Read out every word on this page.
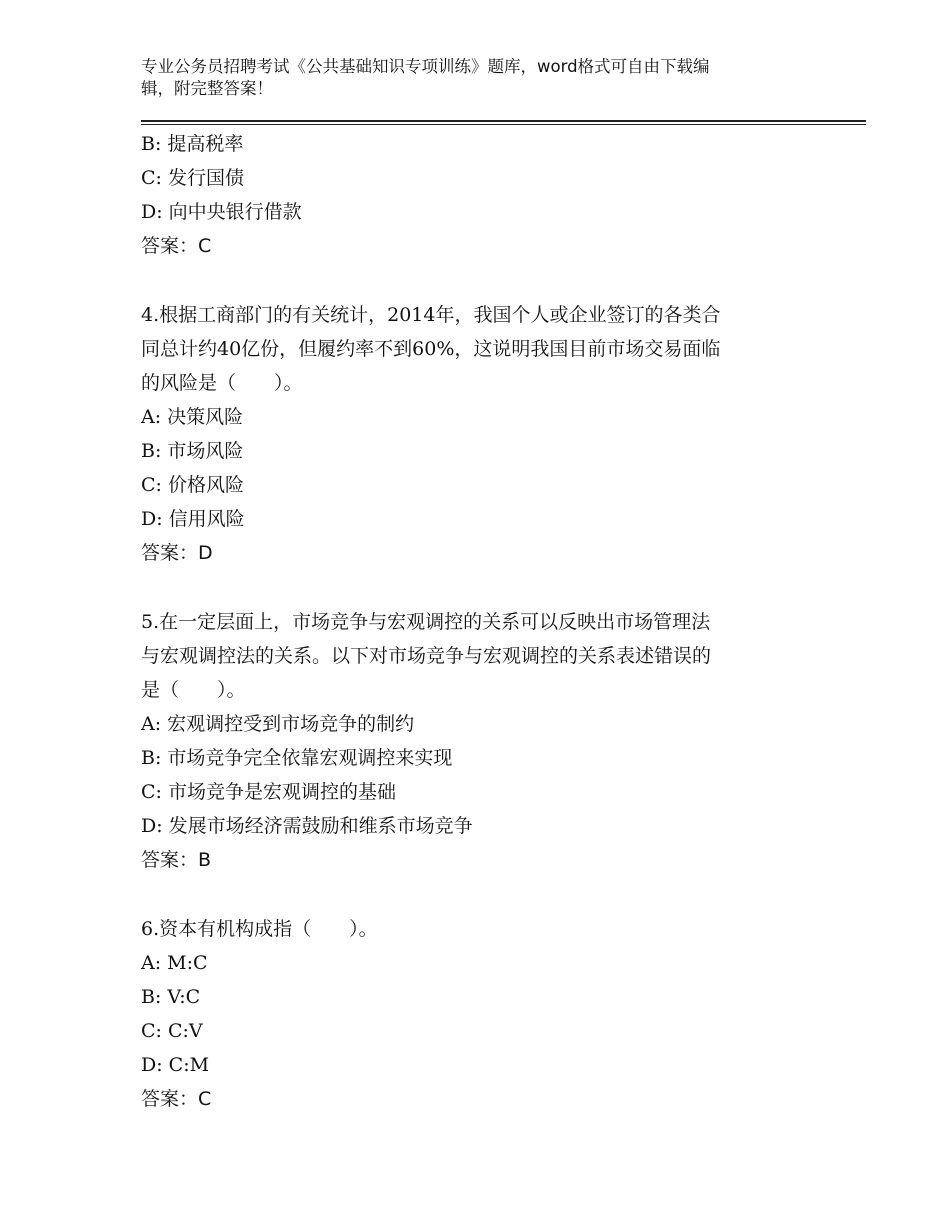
专业公务员招聘考试《公共基础知识专项训练》题库，word格式可自由下载编
辑，附完整答案！
B: 提高税率
C: 发行国债
D: 向中央银行借款
答案：C
4.根据工商部门的有关统计，2014年，我国个人或企业签订的各类合
同总计约40亿份，但履约率不到60%，这说明我国目前市场交易面临
的风险是（　　）。
A: 决策风险
B: 市场风险
C: 价格风险
D: 信用风险
答案：D
5.在一定层面上，市场竞争与宏观调控的关系可以反映出市场管理法
与宏观调控法的关系。以下对市场竞争与宏观调控的关系表述错误的
是（　　）。
A: 宏观调控受到市场竞争的制约
B: 市场竞争完全依靠宏观调控来实现
C: 市场竞争是宏观调控的基础
D: 发展市场经济需鼓励和维系市场竞争
答案：B
6.资本有机构成指（　　）。
A: M:C
B: V:C
C: C:V
D: C:M
答案：C
